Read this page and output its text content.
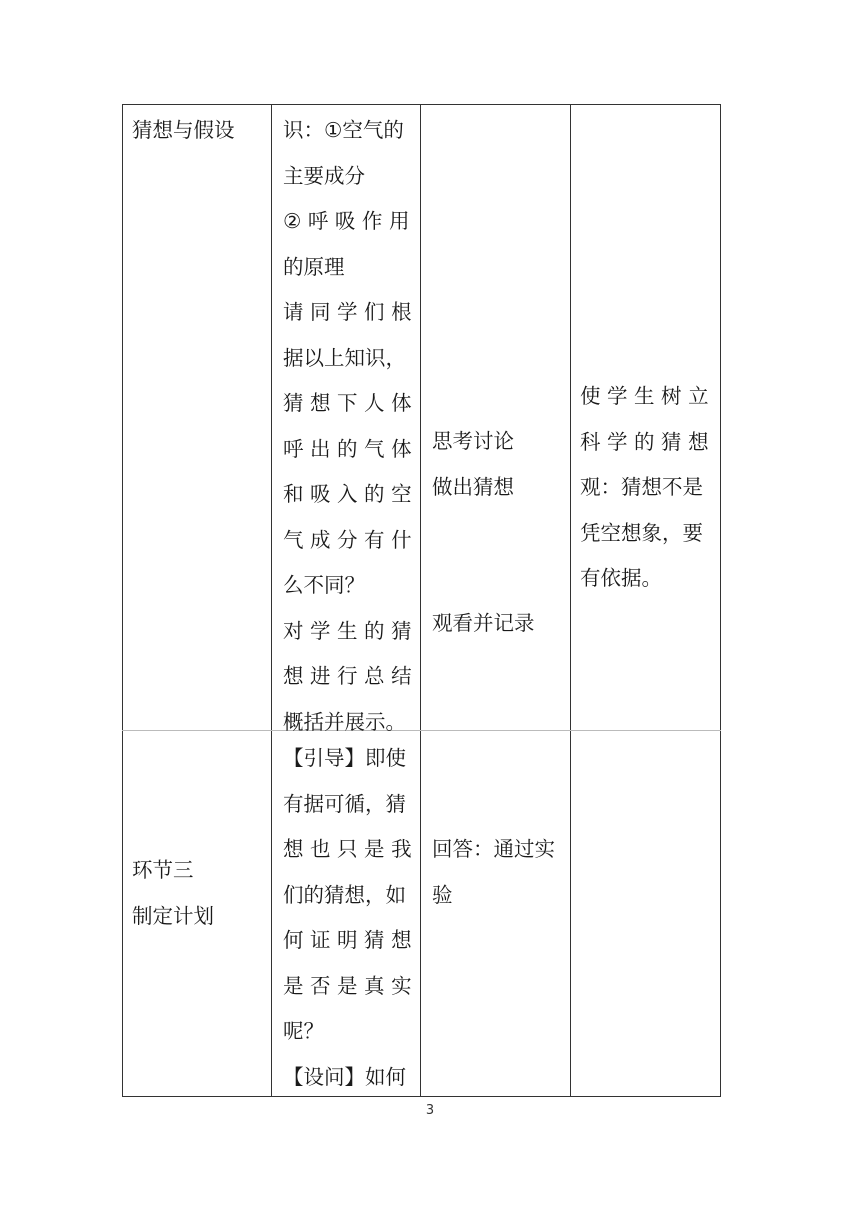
猜想与假设	识：①空气的
主要成分
② 呼 吸 作 用
的原理
请 同 学 们 根
据以上知识，
猜 想 下 人 体
呼 出 的 气 体
和 吸 入 的 空
气 成 分 有 什
么不同？
对 学 生 的 猜
想 进 行 总 结
概括并展示。
思考讨论
做出猜想
观看并记录
使 学 生 树 立
科 学 的 猜 想
观：猜想不是
凭空想象，要
有依据。
环节三
制定计划
【引导】即使
有据可循，猜
想 也 只 是 我
们的猜想，如
何 证 明 猜 想
是 否 是 真 实
呢？
【设问】如何
回答：通过实
验
3
